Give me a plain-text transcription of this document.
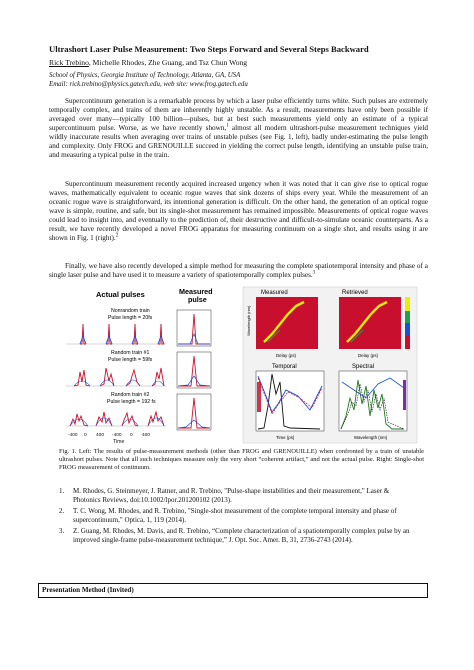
Ultrashort Laser Pulse Measurement: Two Steps Forward and Several Steps Backward
Rick Trebino, Michelle Rhodes, Zhe Guang, and Tsz Chun Wong
School of Physics, Georgia Institute of Technology, Atlanta, GA, USA
Email: rick.trebino@physics.gatech.edu, web site: www.frog.gatech.edu

Supercontinuum generation is a remarkable process by which a laser pulse efficiently turns white. Such pulses are extremely temporally complex, and trains of them are inherently highly unstable. As a result, measurements have only been possible if averaged over many—typically 100 billion—pulses, but at best such measurements yield only an estimate of a typical supercontinuum pulse. Worse, as we have recently shown,$^1$ almost all modern ultrashort-pulse measurement techniques yield wildly inaccurate results when averaging over trains of unstable pulses (see Fig. 1, left), badly under-estimating the pulse length and complexity. Only FROG and GRENOUILLE succeed in yielding the correct pulse length, identifying an unstable pulse train, and measuring a typical pulse in the train.

Supercontinuum measurement recently acquired increased urgency when it was noted that it can give rise to optical rogue waves, mathematically equivalent to oceanic rogue waves that sink dozens of ships every year. While the measurement of an oceanic rogue wave is straightforward, its intentional generation is difficult. On the other hand, the generation of an optical rogue wave is simple, routine, and safe, but its single-shot measurement has remained impossible. Measurements of optical rogue waves could lead to insight into, and eventually to the prediction of, their destructive and difficult-to-simulate oceanic counterparts. As a result, we have recently developed a novel FROG apparatus for measuring continuum on a single shot, and results using it are shown in Fig. 1 (right).$^2$

Finally, we have also recently developed a simple method for measuring the complete spatiotemporal intensity and phase of a single laser pulse and have used it to measure a variety of spatiotemporally complex pulses.$^3$

Actual pulses	Measured
pulse
Nonrandom train
Pulse length = 20fs
Random train #1
Pulse length = 59fs
Random train #2
Pulse length = 192 fs
-400 0 400 -400 0 400
Time
Measured	Retrieved
Wavelength (nm)
Delay (ps)	Delay (ps)
Temporal	Spectral
Time (ps)	Wavelength (nm)

Fig. 1. Left: The results of pulse-measurement methods (other than FROG and GRENOUILLE) when confronted by a train of unstable ultrashort pulses. Note that all such techniques measure only the very short “coherent artifact,” and not the actual pulse. Right: Single-shot FROG measurement of continuum.

1. M. Rhodes, G. Steinmeyer, J. Ratner, and R. Trebino, "Pulse-shape instabilities and their measurement," Laser & Photonics Reviews, doi:10.1002/lpor.201200102 (2013).
2. T. C. Wong, M. Rhodes, and R. Trebino, "Single-shot measurement of the complete temporal intensity and phase of supercontinuum," Optica, 1, 119 (2014).
3. Z. Guang, M. Rhodes, M. Davis, and R. Trebino, “Complete characterization of a spatiotemporally complex pulse by an improved single-frame pulse-measurement technique,” J. Opt. Soc. Amer. B, 31, 2736-2743 (2014).
Presentation Method (Invited)
